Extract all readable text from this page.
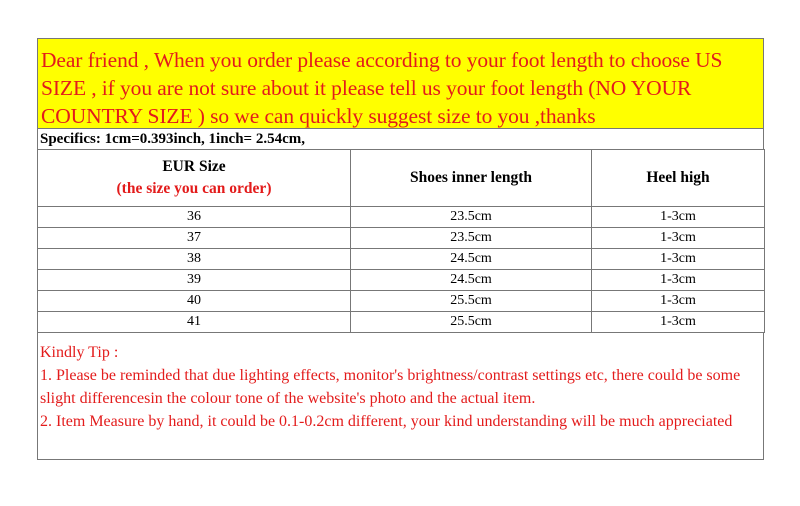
Dear friend , When you order please according to your foot length to choose US SIZE , if you are not sure about it please tell us your foot length (NO YOUR COUNTRY SIZE ) so we can quickly suggest size to you ,thanks
Specifics: 1cm=0.393inch, 1inch= 2.54cm,
EUR Size
(the size you can order)	Shoes inner length	Heel high
36	23.5cm	1-3cm
37	23.5cm	1-3cm
38	24.5cm	1-3cm
39	24.5cm	1-3cm
40	25.5cm	1-3cm
41	25.5cm	1-3cm
Kindly Tip :
1. Please be reminded that due lighting effects, monitor's brightness/contrast settings etc, there could be some slight differencesin the colour tone of the website's photo and the actual item.
2. Item Measure by hand, it could be 0.1-0.2cm different, your kind understanding will be much appreciated
